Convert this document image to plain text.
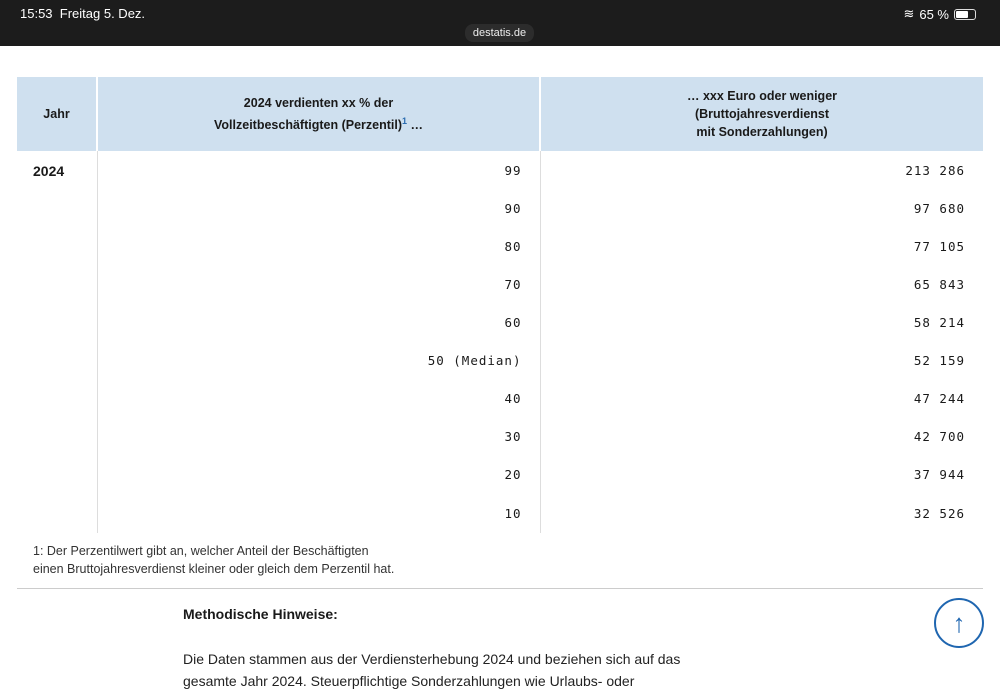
15:53 Freitag 5. Dez.	≋ 65 %
destatis.de
Jahr	2024 verdienten xx % der
Vollzeitbeschäftigten (Perzentil)$^1$ …	… xxx Euro oder weniger
(Bruttojahresverdienst
mit Sonderzahlungen)
2024	99	213 286
	90	97 680
	80	77 105
	70	65 843
	60	58 214
	50 (Median)	52 159
	40	47 244
	30	42 700
	20	37 944
	10	32 526
1: Der Perzentilwert gibt an, welcher Anteil der Beschäftigten
einen Bruttojahresverdienst kleiner oder gleich dem Perzentil hat.
Methodische Hinweise:
Die Daten stammen aus der Verdiensterhebung 2024 und beziehen sich auf das
gesamte Jahr 2024. Steuerpflichtige Sonderzahlungen wie Urlaubs- oder
↑
